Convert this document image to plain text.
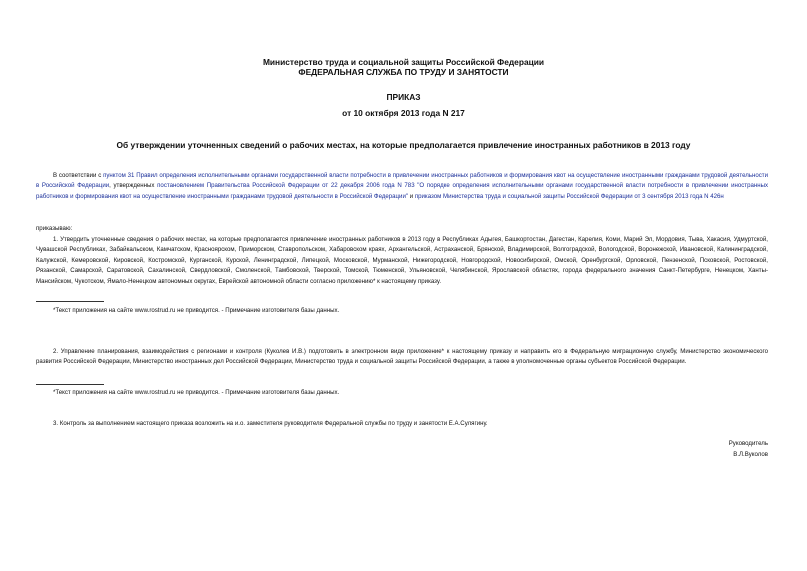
Министерство труда и социальной защиты Российской Федерации
ФЕДЕРАЛЬНАЯ СЛУЖБА ПО ТРУДУ И ЗАНЯТОСТИ
ПРИКАЗ
от 10 октября 2013 года N 217
Об утверждении уточненных сведений о рабочих местах, на которые предполагается привлечение иностранных работников в 2013 году

В соответствии с пунктом 31 Правил определения исполнительными органами государственной власти потребности в привлечении иностранных работников и формирования квот на осуществление иностранными гражданами трудовой деятельности в Российской Федерации, утвержденных постановлением Правительства Российской Федерации от 22 декабря 2006 года N 783 "О порядке определения исполнительными органами государственной власти потребности в привлечении иностранных работников и формирования квот на осуществление иностранными гражданами трудовой деятельности в Российской Федерации" и приказом Министерства труда и социальной защиты Российской Федерации от 3 сентября 2013 года N 426н

приказываю:

1. Утвердить уточненные сведения о рабочих местах, на которые предполагается привлечение иностранных работников в 2013 году в Республиках Адыгея, Башкортостан, Дагестан, Карелия, Коми, Марий Эл, Мордовия, Тыва, Хакасия, Удмуртской, Чувашской Республиках, Забайкальском, Камчатском, Красноярском, Приморском, Ставропольском, Хабаровском краях, Архангельской, Астраханской, Брянской, Владимирской, Волгоградской, Вологодской, Воронежской, Ивановской, Калининградской, Калужской, Кемеровской, Кировской, Костромской, Курганской, Курской, Ленинградской, Липецкой, Московской, Мурманской, Нижегородской, Новгородской, Новосибирской, Омской, Оренбургской, Орловской, Пензенской, Псковской, Ростовской, Рязанской, Самарской, Саратовской, Сахалинской, Свердловской, Смоленской, Тамбовской, Тверской, Томской, Тюменской, Ульяновской, Челябинской, Ярославской областях, города федерального значения Санкт-Петербурге, Ненецком, Ханты-Мансийском, Чукотском, Ямало-Ненецком автономных округах, Еврейской автономной области согласно приложению* к настоящему приказу.

*Текст приложения на сайте www.rostrud.ru не приводится. - Примечание изготовителя базы данных.

2. Управление планирования, взаимодействия с регионами и контроля (Куколев И.В.) подготовить в электронном виде приложение* к настоящему приказу и направить его в Федеральную миграционную службу, Министерство экономического развития Российской Федерации, Министерство иностранных дел Российской Федерации, Министерство труда и социальной защиты Российской Федерации, а также в уполномоченные органы субъектов Российской Федерации.

*Текст приложения на сайте www.rostrud.ru не приводится. - Примечание изготовителя базы данных.

3. Контроль за выполнением настоящего приказа возложить на и.о. заместителя руководителя Федеральной службы по труду и занятости Е.А.Сулягину.

Руководитель
В.Л.Вуколов
